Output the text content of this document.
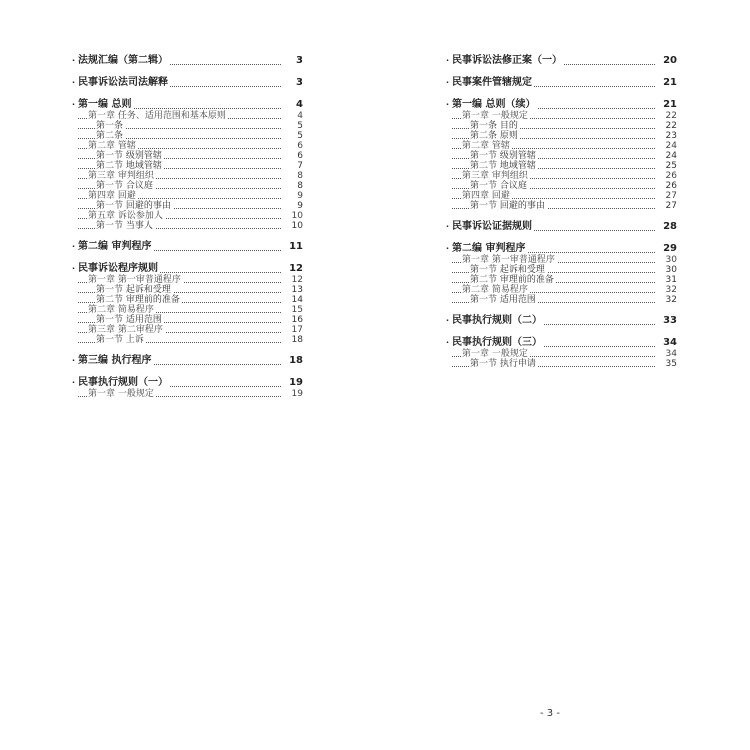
· 法规汇编（第二辑）	3
· 民事诉讼法司法解释	3
· 第一编 总则	4
第一章 任务、适用范围和基本原则	4
第一条	5
第二条	5
第二章 管辖	6
第一节 级别管辖	6
第二节 地域管辖	7
第三章 审判组织	8
第一节 合议庭	8
第四章 回避	9
第一节 回避的事由	9
第五章 诉讼参加人	10
第一节 当事人	10
· 第二编 审判程序	11
· 民事诉讼程序规则	12
第一章 第一审普通程序	12
第一节 起诉和受理	13
第二节 审理前的准备	14
第二章 简易程序	15
第一节 适用范围	16
第三章 第二审程序	17
第一节 上诉	18
· 第三编 执行程序	18
· 民事执行规则（一）	19
第一章 一般规定	19
· 民事诉讼法修正案（一）	20
· 民事案件管辖规定	21
· 第一编 总则（续）	21
第一章 一般规定	22
第一条 目的	22
第二条 原则	23
第二章 管辖	24
第一节 级别管辖	24
第二节 地域管辖	25
第三章 审判组织	26
第一节 合议庭	26
第四章 回避	27
第一节 回避的事由	27
· 民事诉讼证据规则	28
· 第二编 审判程序	29
第一章 第一审普通程序	30
第一节 起诉和受理	30
第二节 审理前的准备	31
第二章 简易程序	32
第一节 适用范围	32
· 民事执行规则（二）	33
· 民事执行规则（三）	34
第一章 一般规定	34
第一节 执行申请	35
- 3 -
